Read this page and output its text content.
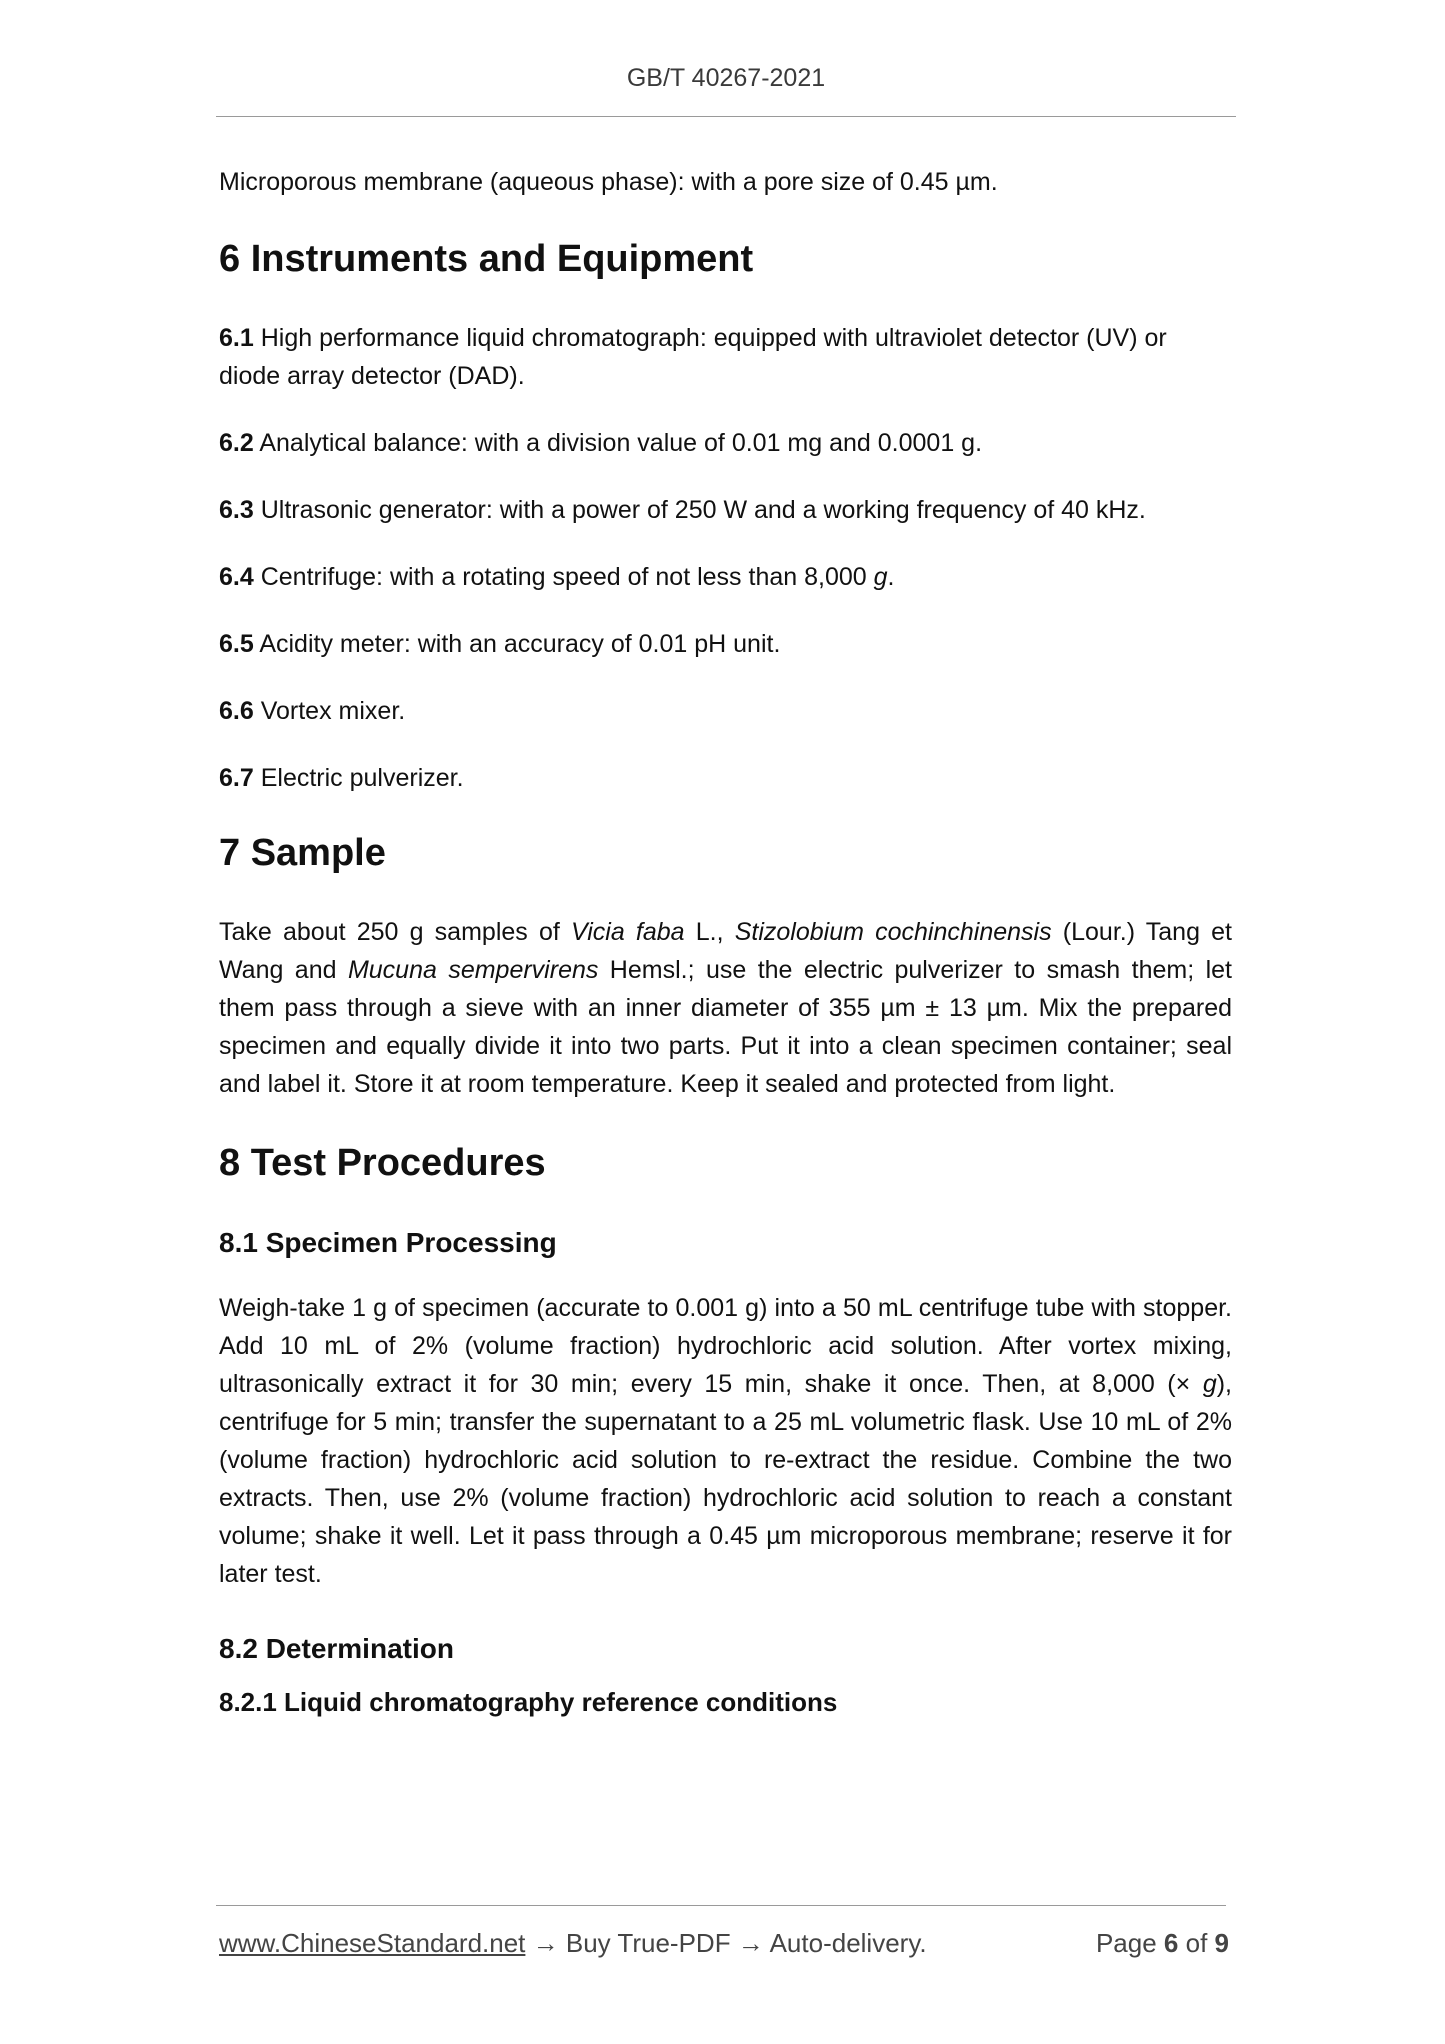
GB/T 40267-2021

Microporous membrane (aqueous phase): with a pore size of 0.45 µm.

6 Instruments and Equipment

6.1 High performance liquid chromatograph: equipped with ultraviolet detector (UV) or diode array detector (DAD).

6.2 Analytical balance: with a division value of 0.01 mg and 0.0001 g.

6.3 Ultrasonic generator: with a power of 250 W and a working frequency of 40 kHz.

6.4 Centrifuge: with a rotating speed of not less than 8,000 g.

6.5 Acidity meter: with an accuracy of 0.01 pH unit.

6.6 Vortex mixer.

6.7 Electric pulverizer.

7 Sample

Take about 250 g samples of Vicia faba L., Stizolobium cochinchinensis (Lour.) Tang et Wang and Mucuna sempervirens Hemsl.; use the electric pulverizer to smash them; let them pass through a sieve with an inner diameter of 355 µm ± 13 µm. Mix the prepared specimen and equally divide it into two parts. Put it into a clean specimen container; seal and label it. Store it at room temperature. Keep it sealed and protected from light.

8 Test Procedures
8.1 Specimen Processing

Weigh-take 1 g of specimen (accurate to 0.001 g) into a 50 mL centrifuge tube with stopper. Add 10 mL of 2% (volume fraction) hydrochloric acid solution. After vortex mixing, ultrasonically extract it for 30 min; every 15 min, shake it once. Then, at 8,000 (× g), centrifuge for 5 min; transfer the supernatant to a 25 mL volumetric flask. Use 10 mL of 2% (volume fraction) hydrochloric acid solution to re-extract the residue. Combine the two extracts. Then, use 2% (volume fraction) hydrochloric acid solution to reach a constant volume; shake it well. Let it pass through a 0.45 µm microporous membrane; reserve it for later test.

8.2 Determination
8.2.1 Liquid chromatography reference conditions
www.ChineseStandard.net → Buy True-PDF → Auto-delivery.	Page 6 of 9
